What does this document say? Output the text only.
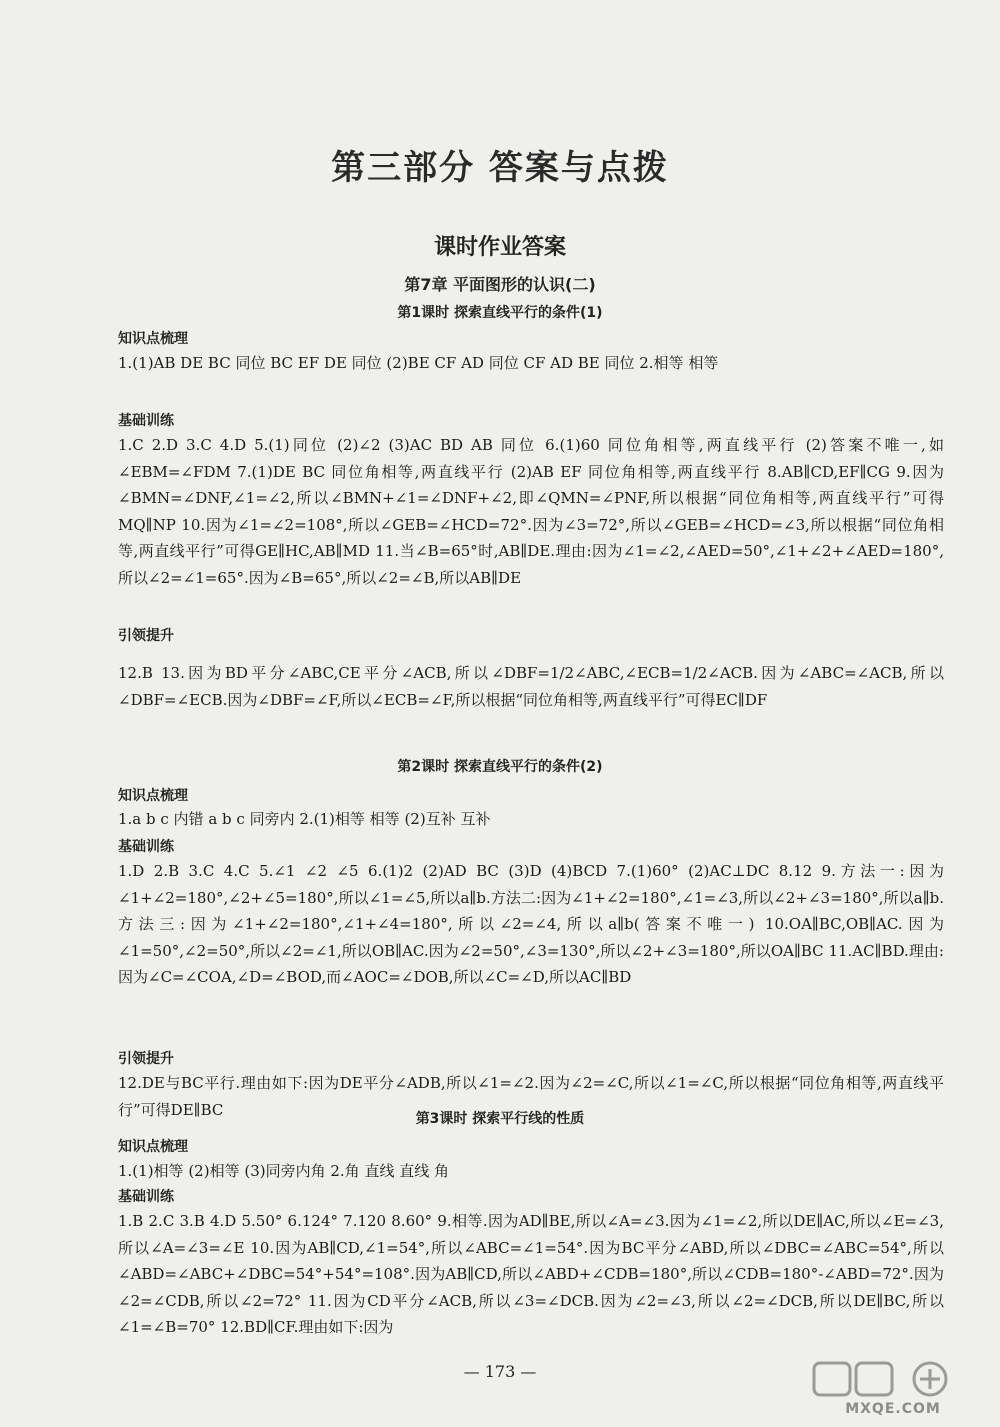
第三部分 答案与点拨
课时作业答案
第7章 平面图形的认识(二)
第1课时 探索直线平行的条件(1)
知识点梳理
1.(1)AB DE BC 同位 BC EF DE 同位 (2)BE CF AD 同位 CF AD BE 同位 2.相等 相等
基础训练
1.C 2.D 3.C 4.D 5.(1)同位 (2)∠2 (3)AC BD AB 同位 6.(1)60 同位角相等,两直线平行 (2)答案不唯一,如∠EBM=∠FDM 7.(1)DE BC 同位角相等,两直线平行 (2)AB EF 同位角相等,两直线平行 8.AB∥CD,EF∥CG 9.因为∠BMN=∠DNF,∠1=∠2,所以∠BMN+∠1=∠DNF+∠2,即∠QMN=∠PNF,所以根据“同位角相等,两直线平行”可得MQ∥NP 10.因为∠1=∠2=108°,所以∠GEB=∠HCD=72°.因为∠3=72°,所以∠GEB=∠HCD=∠3,所以根据“同位角相等,两直线平行”可得GE∥HC,AB∥MD 11.当∠B=65°时,AB∥DE.理由:因为∠1=∠2,∠AED=50°,∠1+∠2+∠AED=180°,所以∠2=∠1=65°.因为∠B=65°,所以∠2=∠B,所以AB∥DE
引领提升
12.B 13.因为BD平分∠ABC,CE平分∠ACB,所以∠DBF=1/2∠ABC,∠ECB=1/2∠ACB.因为∠ABC=∠ACB,所以∠DBF=∠ECB.因为∠DBF=∠F,所以∠ECB=∠F,所以根据“同位角相等,两直线平行”可得EC∥DF
第2课时 探索直线平行的条件(2)
知识点梳理
1.a b c 内错 a b c 同旁内 2.(1)相等 相等 (2)互补 互补
基础训练
1.D 2.B 3.C 4.C 5.∠1 ∠2 ∠5 6.(1)2 (2)AD BC (3)D (4)BCD 7.(1)60° (2)AC⊥DC 8.12 9.方法一:因为∠1+∠2=180°,∠2+∠5=180°,所以∠1=∠5,所以a∥b.方法二:因为∠1+∠2=180°,∠1=∠3,所以∠2+∠3=180°,所以a∥b.方法三:因为∠1+∠2=180°,∠1+∠4=180°,所以∠2=∠4,所以a∥b(答案不唯一) 10.OA∥BC,OB∥AC.因为∠1=50°,∠2=50°,所以∠2=∠1,所以OB∥AC.因为∠2=50°,∠3=130°,所以∠2+∠3=180°,所以OA∥BC 11.AC∥BD.理由:因为∠C=∠COA,∠D=∠BOD,而∠AOC=∠DOB,所以∠C=∠D,所以AC∥BD
引领提升
12.DE与BC平行.理由如下:因为DE平分∠ADB,所以∠1=∠2.因为∠2=∠C,所以∠1=∠C,所以根据“同位角相等,两直线平行”可得DE∥BC
第3课时 探索平行线的性质
知识点梳理
1.(1)相等 (2)相等 (3)同旁内角 2.角 直线 直线 角
基础训练
1.B 2.C 3.B 4.D 5.50° 6.124° 7.120 8.60° 9.相等.因为AD∥BE,所以∠A=∠3.因为∠1=∠2,所以DE∥AC,所以∠E=∠3,所以∠A=∠3=∠E 10.因为AB∥CD,∠1=54°,所以∠ABC=∠1=54°.因为BC平分∠ABD,所以∠DBC=∠ABC=54°,所以∠ABD=∠ABC+∠DBC=54°+54°=108°.因为AB∥CD,所以∠ABD+∠CDB=180°,所以∠CDB=180°-∠ABD=72°.因为∠2=∠CDB,所以∠2=72° 11.因为CD平分∠ACB,所以∠3=∠DCB.因为∠2=∠3,所以∠2=∠DCB,所以DE∥BC,所以∠1=∠B=70° 12.BD∥CF.理由如下:因为
— 173 —
MXQE.COM
